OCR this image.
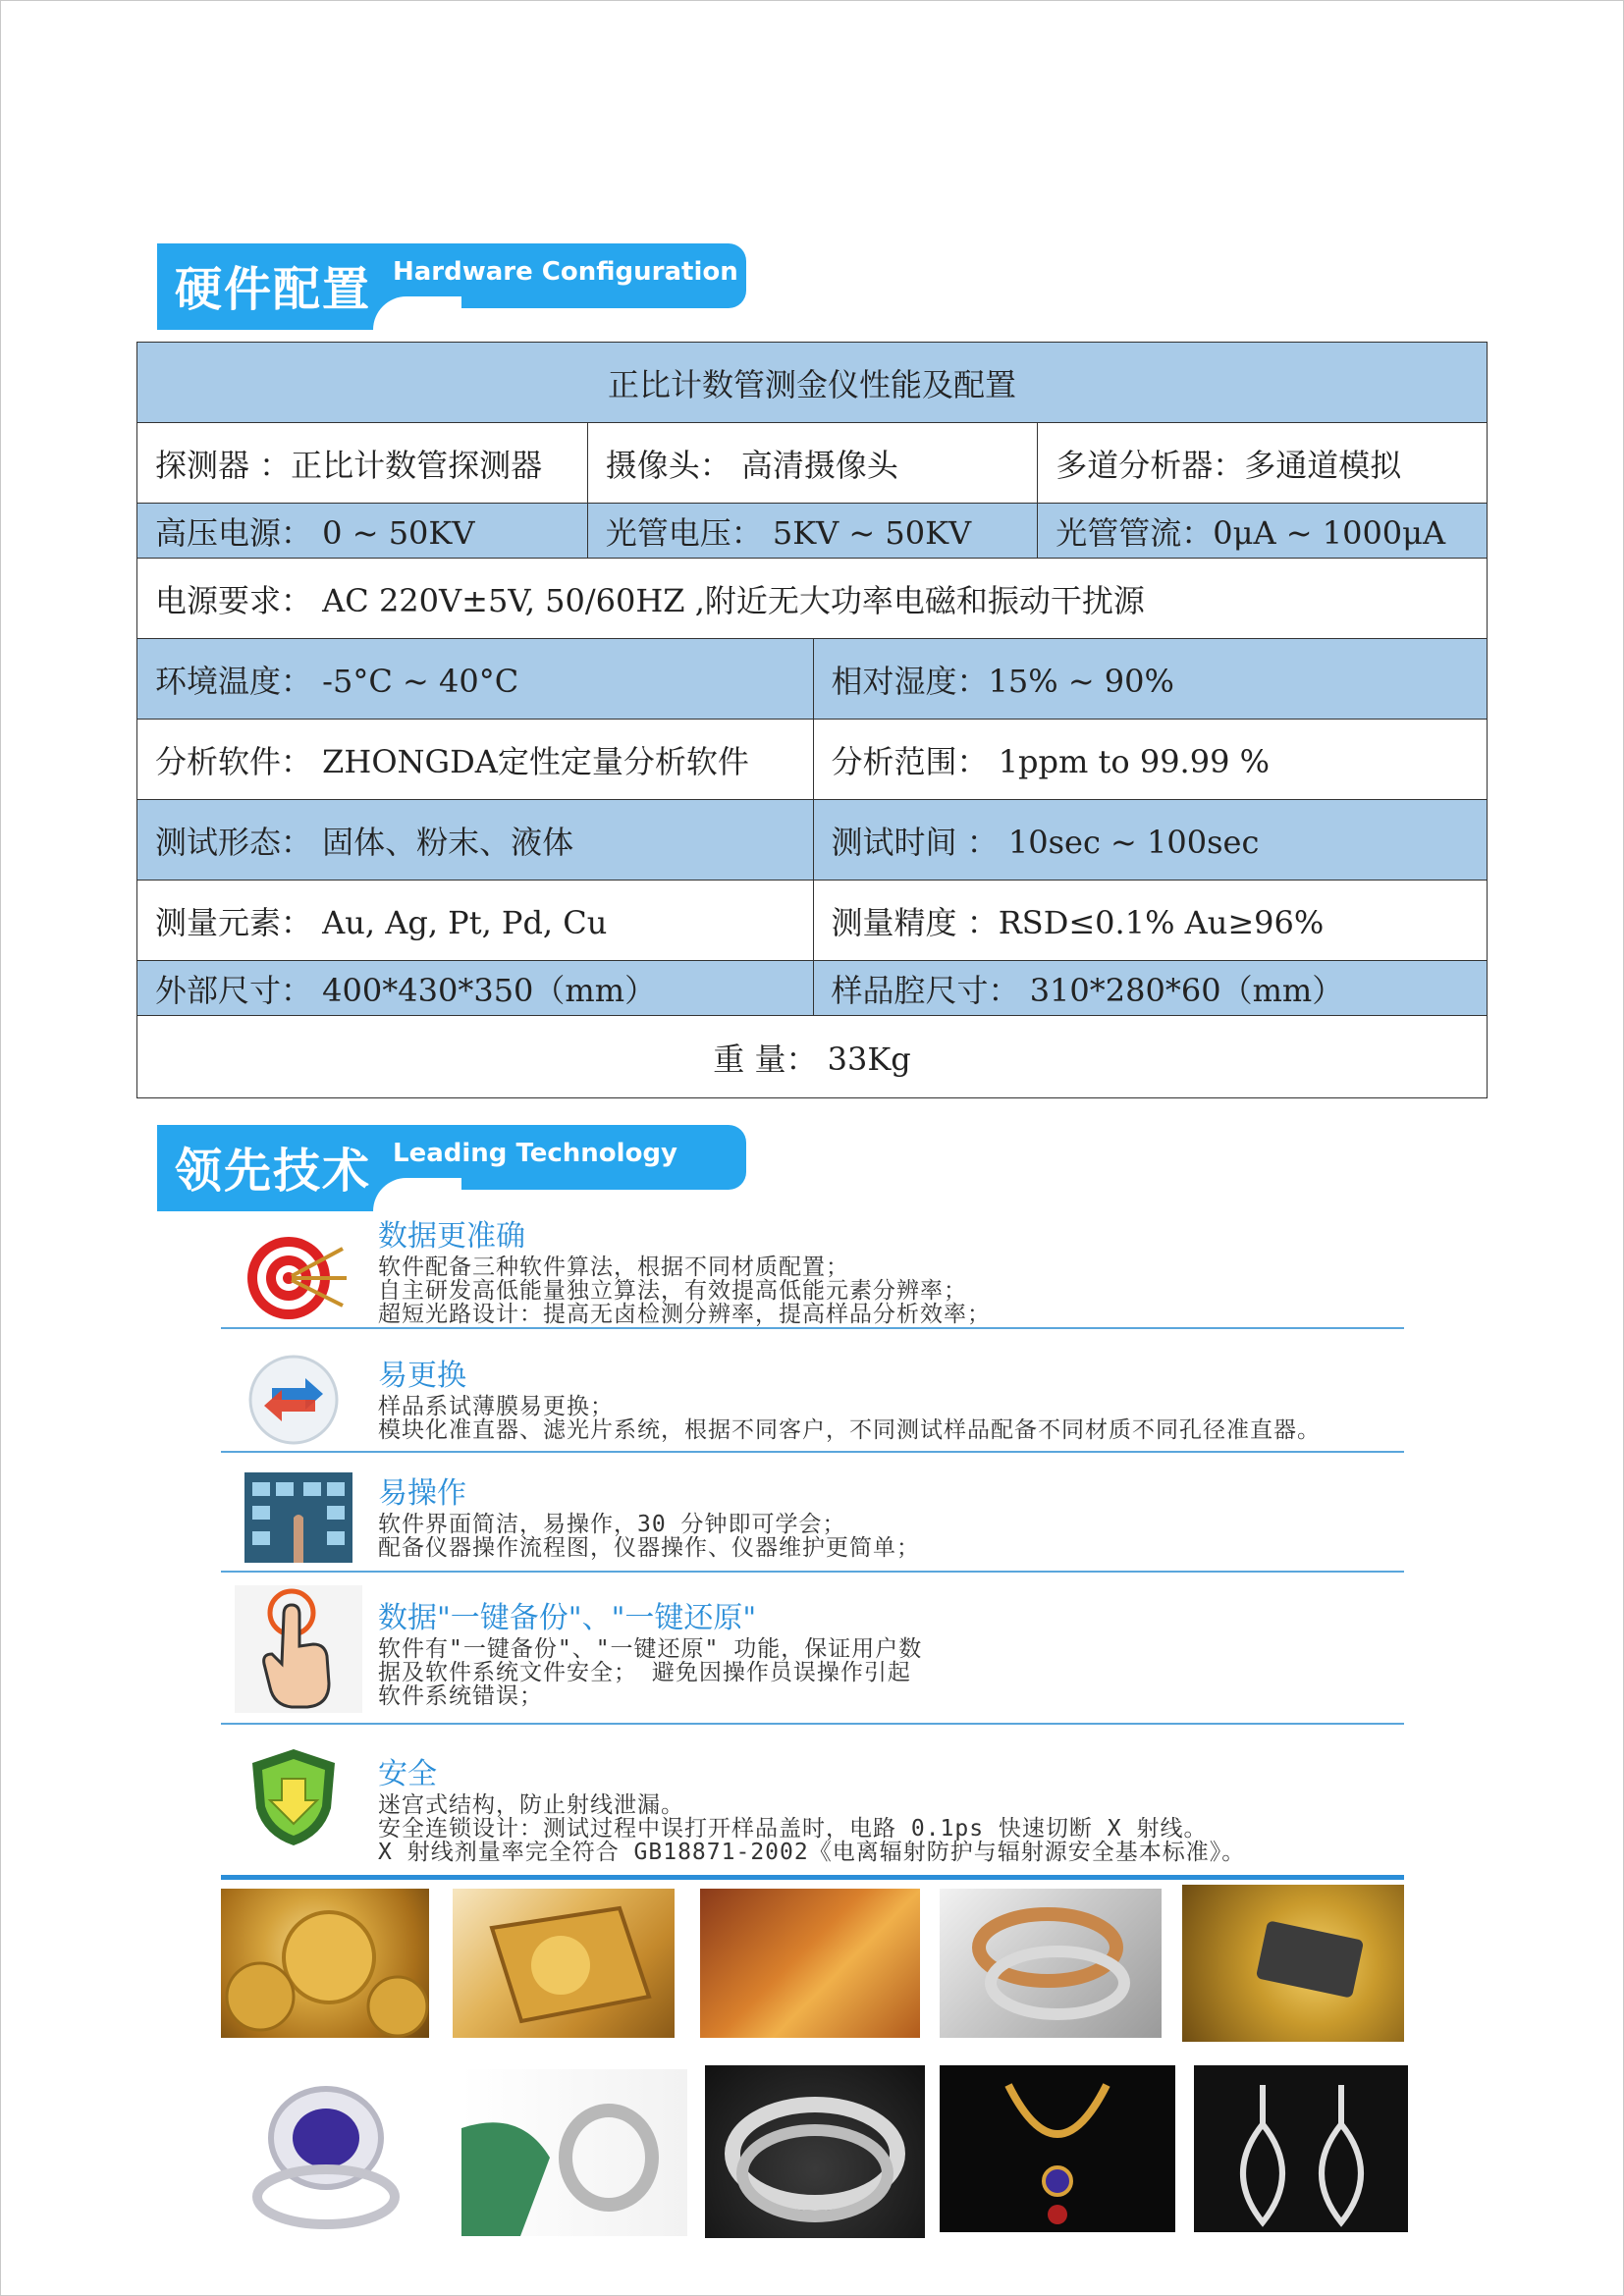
硬件配置 Hardware Configuration
正比计数管测金仪性能及配置			
探测器 ：正比计数管探测器	摄像头： 高清摄像头		多道分析器：多通道模拟
高压电源： 0 ~ 50KV	光管电压： 5KV ~ 50KV		光管管流：0μA ~ 1000μA
电源要求： AC 220V±5V, 50/60HZ ,附近无大功率电磁和振动干扰源			
环境温度： -5°C ~ 40°C		相对湿度：15% ~ 90%	
分析软件： ZHONGDA定性定量分析软件		分析范围： 1ppm to 99.99 %	
测试形态： 固体、粉末、液体		测试时间 ： 10sec ~ 100sec	
测量元素： Au, Ag, Pt, Pd, Cu		测量精度 ：RSD≤0.1% Au≥96%	
外部尺寸： 400*430*350（mm）		样品腔尺寸： 310*280*60（mm）	
重 量： 33Kg			
领先技术 Leading Technology
数据更准确
软件配备三种软件算法，根据不同材质配置；
自主研发高低能量独立算法，有效提高低能元素分辨率；
超短光路设计：提高无卤检测分辨率，提高样品分析效率；
易更换
样品系试薄膜易更换；
模块化准直器、滤光片系统，根据不同客户，不同测试样品配备不同材质不同孔径准直器。
易操作
软件界面简洁，易操作，30 分钟即可学会；
配备仪器操作流程图，仪器操作、仪器维护更简单；
数据"一键备份"、"一键还原"
软件有"一键备份"、"一键还原" 功能，保证用户数
据及软件系统文件安全； 避免因操作员误操作引起
软件系统错误；
安全
迷宫式结构，防止射线泄漏。
安全连锁设计：测试过程中误打开样品盖时，电路 0.1ps 快速切断 X 射线。
X 射线剂量率完全符合 GB18871-2002《电离辐射防护与辐射源安全基本标准》。
